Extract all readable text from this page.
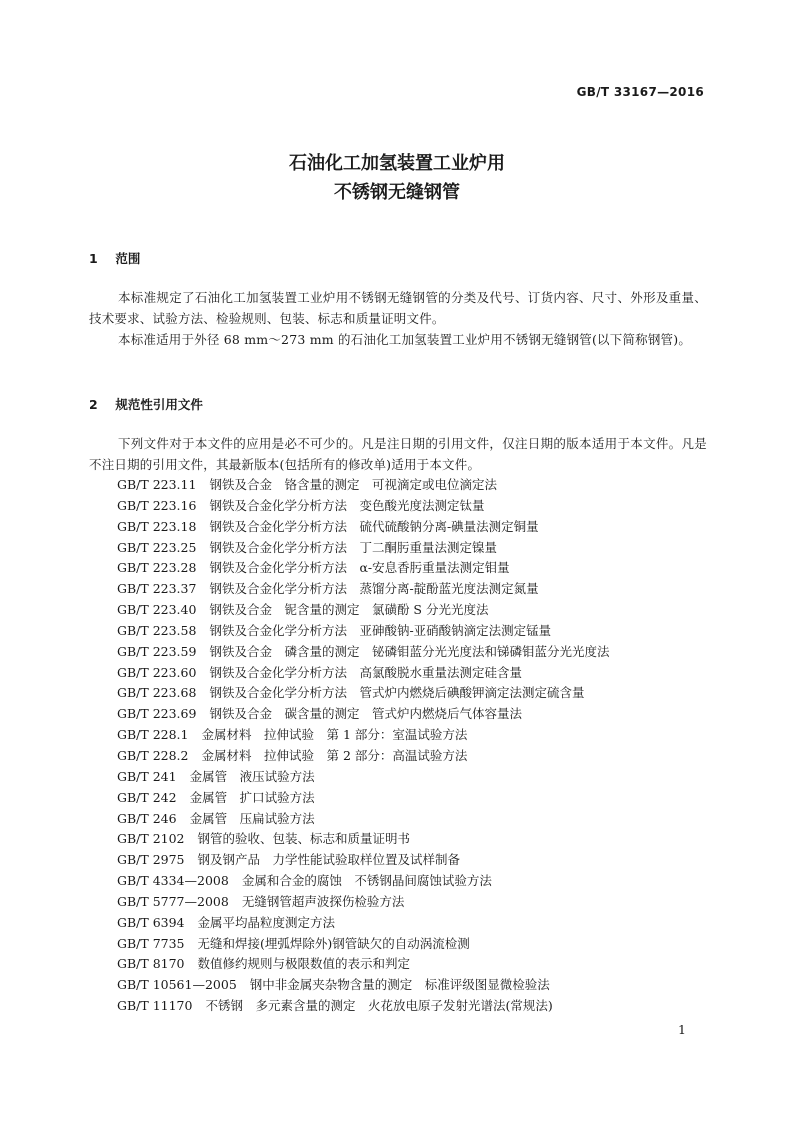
GB/T 33167—2016
石油化工加氢装置工业炉用
不锈钢无缝钢管
1 范围
本标准规定了石油化工加氢装置工业炉用不锈钢无缝钢管的分类及代号、订货内容、尺寸、外形及重量、技术要求、试验方法、检验规则、包装、标志和质量证明文件。
本标准适用于外径 68 mm～273 mm 的石油化工加氢装置工业炉用不锈钢无缝钢管(以下简称钢管)。
2 规范性引用文件
下列文件对于本文件的应用是必不可少的。凡是注日期的引用文件，仅注日期的版本适用于本文件。凡是不注日期的引用文件，其最新版本(包括所有的修改单)适用于本文件。
GB/T 223.11 钢铁及合金　铬含量的测定　可视滴定或电位滴定法
GB/T 223.16 钢铁及合金化学分析方法　变色酸光度法测定钛量
GB/T 223.18 钢铁及合金化学分析方法　硫代硫酸钠分离-碘量法测定铜量
GB/T 223.25 钢铁及合金化学分析方法　丁二酮肟重量法测定镍量
GB/T 223.28 钢铁及合金化学分析方法　α-安息香肟重量法测定钼量
GB/T 223.37 钢铁及合金化学分析方法　蒸馏分离-靛酚蓝光度法测定氮量
GB/T 223.40 钢铁及合金　铌含量的测定　氯磺酚 S 分光光度法
GB/T 223.58 钢铁及合金化学分析方法　亚砷酸钠-亚硝酸钠滴定法测定锰量
GB/T 223.59 钢铁及合金　磷含量的测定　铋磷钼蓝分光光度法和锑磷钼蓝分光光度法
GB/T 223.60 钢铁及合金化学分析方法　高氯酸脱水重量法测定硅含量
GB/T 223.68 钢铁及合金化学分析方法　管式炉内燃烧后碘酸钾滴定法测定硫含量
GB/T 223.69 钢铁及合金　碳含量的测定　管式炉内燃烧后气体容量法
GB/T 228.1 金属材料　拉伸试验　第 1 部分：室温试验方法
GB/T 228.2 金属材料　拉伸试验　第 2 部分：高温试验方法
GB/T 241 金属管　液压试验方法
GB/T 242 金属管　扩口试验方法
GB/T 246 金属管　压扁试验方法
GB/T 2102 钢管的验收、包装、标志和质量证明书
GB/T 2975 钢及钢产品　力学性能试验取样位置及试样制备
GB/T 4334—2008 金属和合金的腐蚀　不锈钢晶间腐蚀试验方法
GB/T 5777—2008 无缝钢管超声波探伤检验方法
GB/T 6394 金属平均晶粒度测定方法
GB/T 7735 无缝和焊接(埋弧焊除外)钢管缺欠的自动涡流检测
GB/T 8170 数值修约规则与极限数值的表示和判定
GB/T 10561—2005 钢中非金属夹杂物含量的测定　标准评级图显微检验法
GB/T 11170 不锈钢　多元素含量的测定　火花放电原子发射光谱法(常规法)
1
